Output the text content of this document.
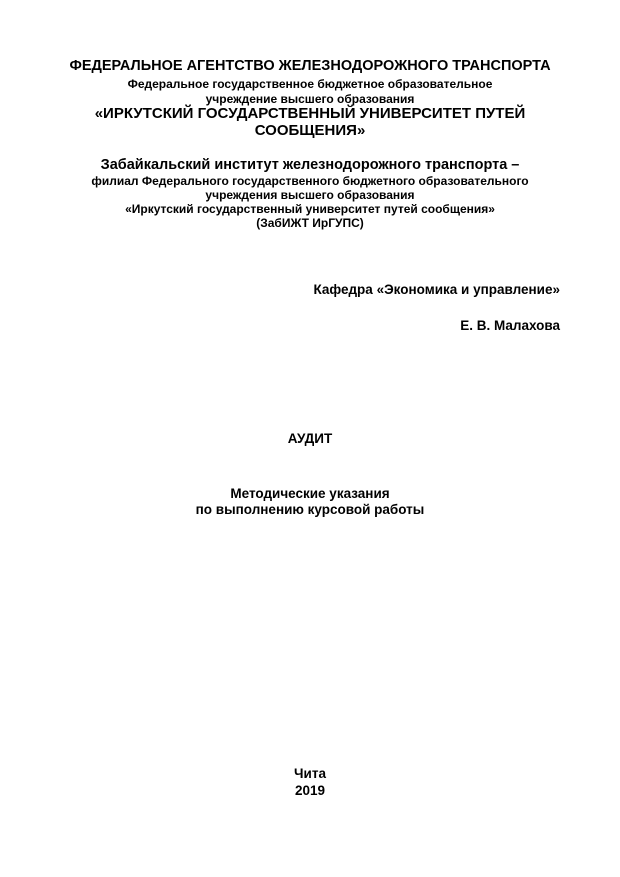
ФЕДЕРАЛЬНОЕ АГЕНТСТВО ЖЕЛЕЗНОДОРОЖНОГО ТРАНСПОРТА
Федеральное государственное бюджетное образовательное
учреждение высшего образования
«ИРКУТСКИЙ ГОСУДАРСТВЕННЫЙ УНИВЕРСИТЕТ ПУТЕЙ
СООБЩЕНИЯ»
Забайкальский институт железнодорожного транспорта –
филиал Федерального государственного бюджетного образовательного
учреждения высшего образования
«Иркутский государственный университет путей сообщения»
(ЗабИЖТ ИрГУПС)
Кафедра «Экономика и управление»
Е. В. Малахова
АУДИТ
Методические указания
по выполнению курсовой работы
Чита
2019
